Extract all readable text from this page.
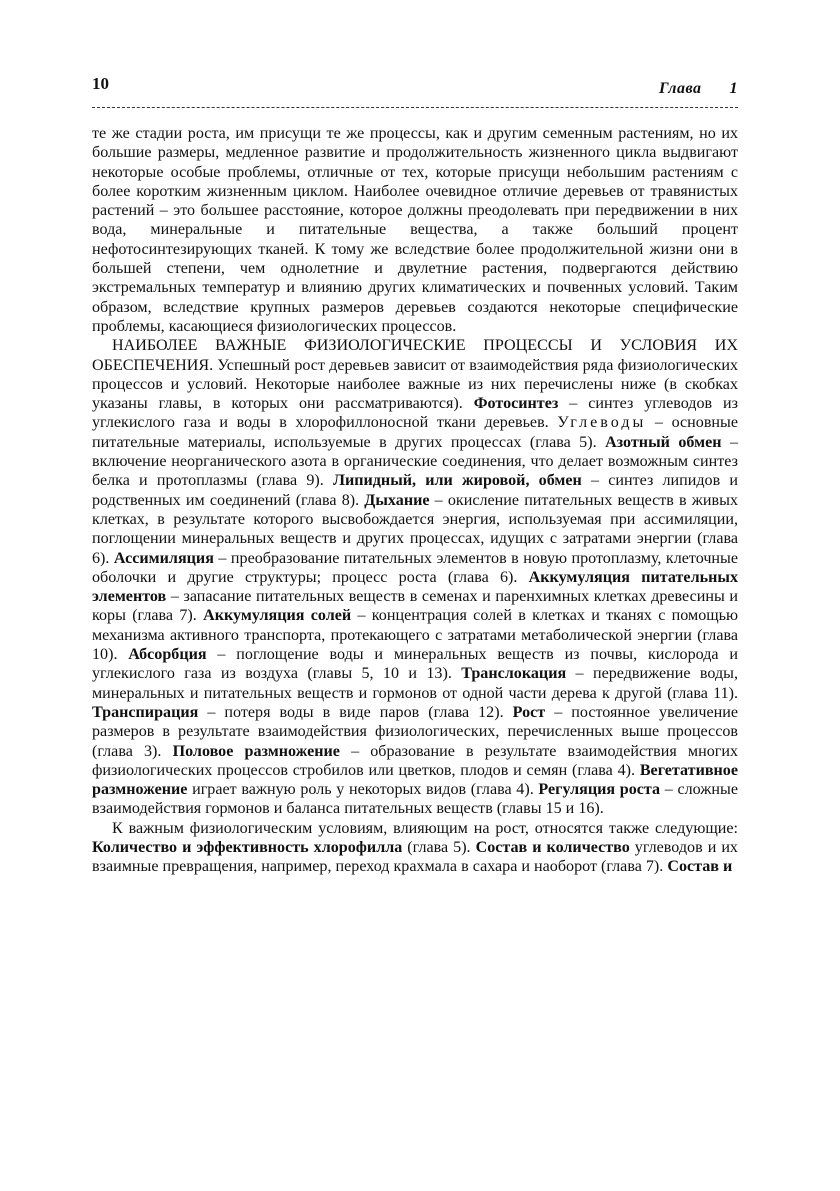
10	Глава 1

те же стадии роста, им присущи те же процессы, как и другим семенным растениям, но их большие размеры, медленное развитие и продолжительность жизненного цикла выдвигают некоторые особые проблемы, отличные от тех, которые присущи небольшим растениям с более коротким жизненным циклом. Наиболее очевидное отличие деревьев от травянистых растений – это большее расстояние, которое должны преодолевать при передвижении в них вода, минеральные и питательные вещества, а также больший процент нефотосинтезирующих тканей. К тому же вследствие более продолжительной жизни они в большей степени, чем однолетние и двулетние растения, подвергаются действию экстремальных температур и влиянию других климатических и почвенных условий. Таким образом, вследствие крупных размеров деревьев создаются некоторые специфические проблемы, касающиеся физиологических процессов.

НАИБОЛЕЕ ВАЖНЫЕ ФИЗИОЛОГИЧЕСКИЕ ПРОЦЕССЫ И УСЛОВИЯ ИХ ОБЕСПЕЧЕНИЯ. Успешный рост деревьев зависит от взаимодействия ряда физиологических процессов и условий. Некоторые наиболее важные из них перечислены ниже (в скобках указаны главы, в которых они рассматриваются). Фотосинтез – синтез углеводов из углекислого газа и воды в хлорофиллоносной ткани деревьев. Углеводы – основные питательные материалы, используемые в других процессах (глава 5). Азотный обмен – включение неорганического азота в органические соединения, что делает возможным синтез белка и протоплазмы (глава 9). Липидный, или жировой, обмен – синтез липидов и родственных им соединений (глава 8). Дыхание – окисление питательных веществ в живых клетках, в результате которого высвобождается энергия, используемая при ассимиляции, поглощении минеральных веществ и других процессах, идущих с затратами энергии (глава 6). Ассимиляция – преобразование питательных элементов в новую протоплазму, клеточные оболочки и другие структуры; процесс роста (глава 6). Аккумуляция питательных элементов – запасание питательных веществ в семенах и паренхимных клетках древесины и коры (глава 7). Аккумуляция солей – концентрация солей в клетках и тканях с помощью механизма активного транспорта, протекающего с затратами метаболической энергии (глава 10). Абсорбция – поглощение воды и минеральных веществ из почвы, кислорода и углекислого газа из воздуха (главы 5, 10 и 13). Транслокация – передвижение воды, минеральных и питательных веществ и гормонов от одной части дерева к другой (глава 11). Транспирация – потеря воды в виде паров (глава 12). Рост – постоянное увеличение размеров в результате взаимодействия физиологических, перечисленных выше процессов (глава 3). Половое размножение – образование в результате взаимодействия многих физиологических процессов стробилов или цветков, плодов и семян (глава 4). Вегетативное размножение играет важную роль у некоторых видов (глава 4). Регуляция роста – сложные взаимодействия гормонов и баланса питательных веществ (главы 15 и 16).

К важным физиологическим условиям, влияющим на рост, относятся также следующие: Количество и эффективность хлорофилла (глава 5). Состав и количество углеводов и их взаимные превращения, например, переход крахмала в сахара и наоборот (глава 7). Состав и
